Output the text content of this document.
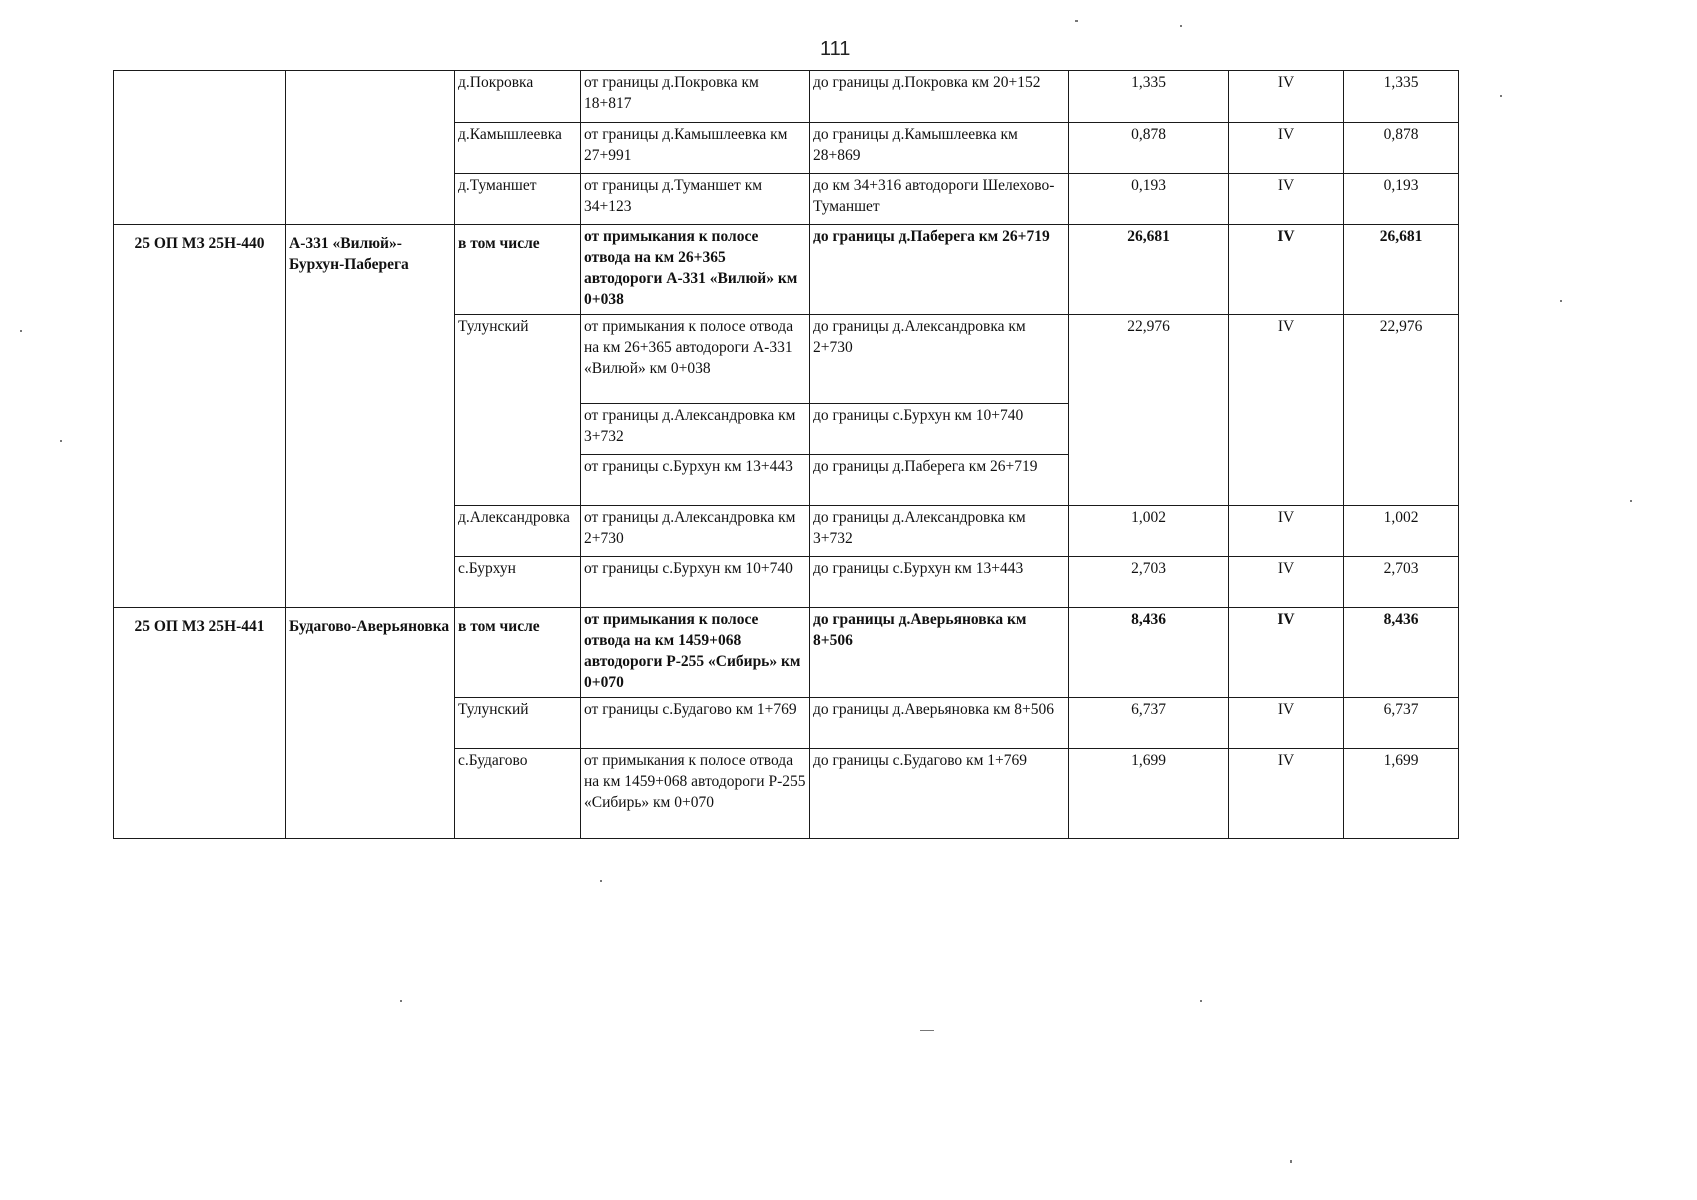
111
		д.Покровка	от границы д.Покровка км 18+817	до границы д.Покровка км 20+152	1,335	IV	1,335
		д.Камышлеевка	от границы д.Камышлеевка км 27+991	до границы д.Камышлеевка км 28+869	0,878	IV	0,878
		д.Туманшет	от границы д.Туманшет км 34+123	до км 34+316 автодороги Шелехово-Туманшет	0,193	IV	0,193
25 ОП МЗ 25Н-440	А-331 «Вилюй»-Бурхун-Паберега	в том числе	от примыкания к полосе отвода на км 26+365 автодороги А-331 «Вилюй» км 0+038	до границы д.Паберега км 26+719	26,681	IV	26,681
		Тулунский	от примыкания к полосе отвода на км 26+365 автодороги А-331 «Вилюй» км 0+038	до границы д.Александровка км 2+730	22,976	IV	22,976
			от границы д.Александровка км 3+732	до границы с.Бурхун км 10+740			
			от границы с.Бурхун км 13+443	до границы д.Паберега км 26+719			
		д.Александровка	от границы д.Александровка км 2+730	до границы д.Александровка км 3+732	1,002	IV	1,002
		с.Бурхун	от границы с.Бурхун км 10+740	до границы с.Бурхун км 13+443	2,703	IV	2,703
25 ОП МЗ 25Н-441	Будагово-Аверьяновка	в том числе	от примыкания к полосе отвода на км 1459+068 автодороги Р-255 «Сибирь» км 0+070	до границы д.Аверьяновка км 8+506	8,436	IV	8,436
		Тулунский	от границы с.Будагово км 1+769	до границы д.Аверьяновка км 8+506	6,737	IV	6,737
		с.Будагово	от примыкания к полосе отвода на км 1459+068 автодороги Р-255 «Сибирь» км 0+070	до границы с.Будагово км 1+769	1,699	IV	1,699
